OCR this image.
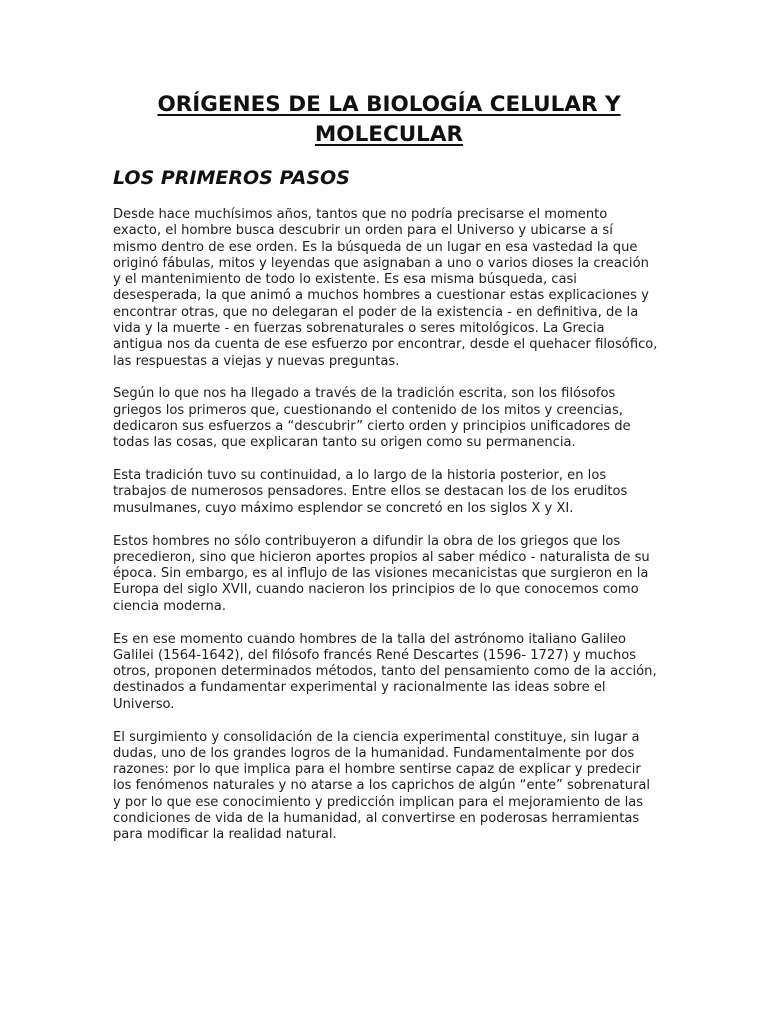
ORÍGENES DE LA BIOLOGÍA CELULAR Y MOLECULAR
LOS PRIMEROS PASOS

Desde hace muchísimos años, tantos que no podría precisarse el momento exacto, el hombre busca descubrir un orden para el Universo y ubicarse a sí mismo dentro de ese orden. Es la búsqueda de un lugar en esa vastedad la que originó fábulas, mitos y leyendas que asignaban a uno o varios dioses la creación y el mantenimiento de todo lo existente. Es esa misma búsqueda, casi desesperada, la que animó a muchos hombres a cuestionar estas explicaciones y encontrar otras, que no delegaran el poder de la existencia - en definitiva, de la vida y la muerte - en fuerzas sobrenaturales o seres mitológicos. La Grecia antigua nos da cuenta de ese esfuerzo por encontrar, desde el quehacer filosófico, las respuestas a viejas y nuevas preguntas.

Según lo que nos ha llegado a través de la tradición escrita, son los filósofos griegos los primeros que, cuestionando el contenido de los mitos y creencias, dedicaron sus esfuerzos a “descubrir” cierto orden y principios unificadores de todas las cosas, que explicaran tanto su origen como su permanencia.

Esta tradición tuvo su continuidad, a lo largo de la historia posterior, en los trabajos de numerosos pensadores. Entre ellos se destacan los de los eruditos musulmanes, cuyo máximo esplendor se concretó en los siglos X y XI.

Estos hombres no sólo contribuyeron a difundir la obra de los griegos que los precedieron, sino que hicieron aportes propios al saber médico - naturalista de su época. Sin embargo, es al influjo de las visiones mecanicistas que surgieron en la Europa del siglo XVII, cuando nacieron los principios de lo que conocemos como ciencia moderna.

Es en ese momento cuando hombres de la talla del astrónomo italiano Galileo Galilei (1564-1642), del filósofo francés René Descartes (1596- 1727) y muchos otros, proponen determinados métodos, tanto del pensamiento como de la acción, destinados a fundamentar experimental y racionalmente las ideas sobre el Universo.

El surgimiento y consolidación de la ciencia experimental constituye, sin lugar a dudas, uno de los grandes logros de la humanidad. Fundamentalmente por dos razones: por lo que implica para el hombre sentirse capaz de explicar y predecir los fenómenos naturales y no atarse a los caprichos de algún “ente” sobrenatural y por lo que ese conocimiento y predicción implican para el mejoramiento de las condiciones de vida de la humanidad, al convertirse en poderosas herramientas para modificar la realidad natural.
